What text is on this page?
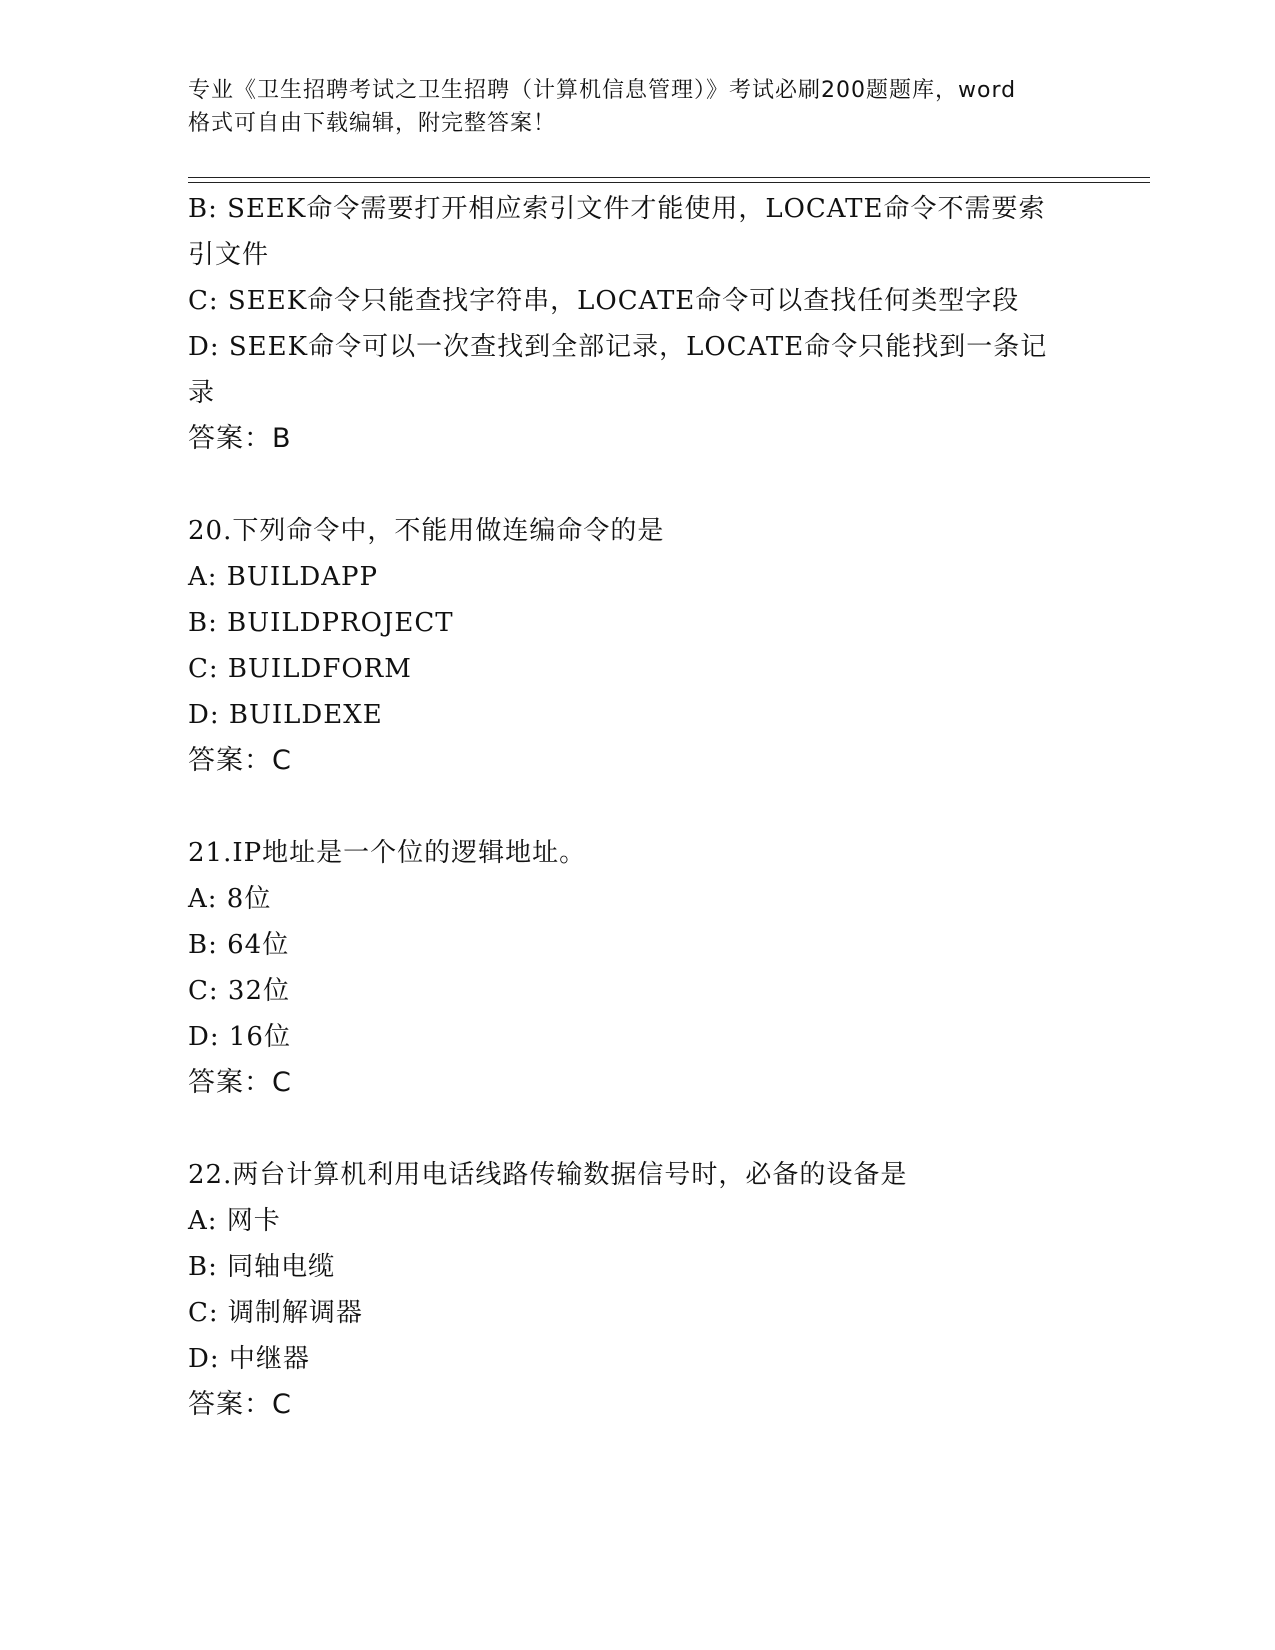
专业《卫生招聘考试之卫生招聘（计算机信息管理）》考试必刷200题题库，word
格式可自由下载编辑，附完整答案！
B: SEEK命令需要打开相应索引文件才能使用，LOCATE命令不需要索引文件
C: SEEK命令只能查找字符串，LOCATE命令可以查找任何类型字段
D: SEEK命令可以一次查找到全部记录，LOCATE命令只能找到一条记录
答案：B
20.下列命令中，不能用做连编命令的是
A: BUILDAPP
B: BUILDPROJECT
C: BUILDFORM
D: BUILDEXE
答案：C
21.IP地址是一个位的逻辑地址。
A: 8位
B: 64位
C: 32位
D: 16位
答案：C
22.两台计算机利用电话线路传输数据信号时，必备的设备是
A: 网卡
B: 同轴电缆
C: 调制解调器
D: 中继器
答案：C
